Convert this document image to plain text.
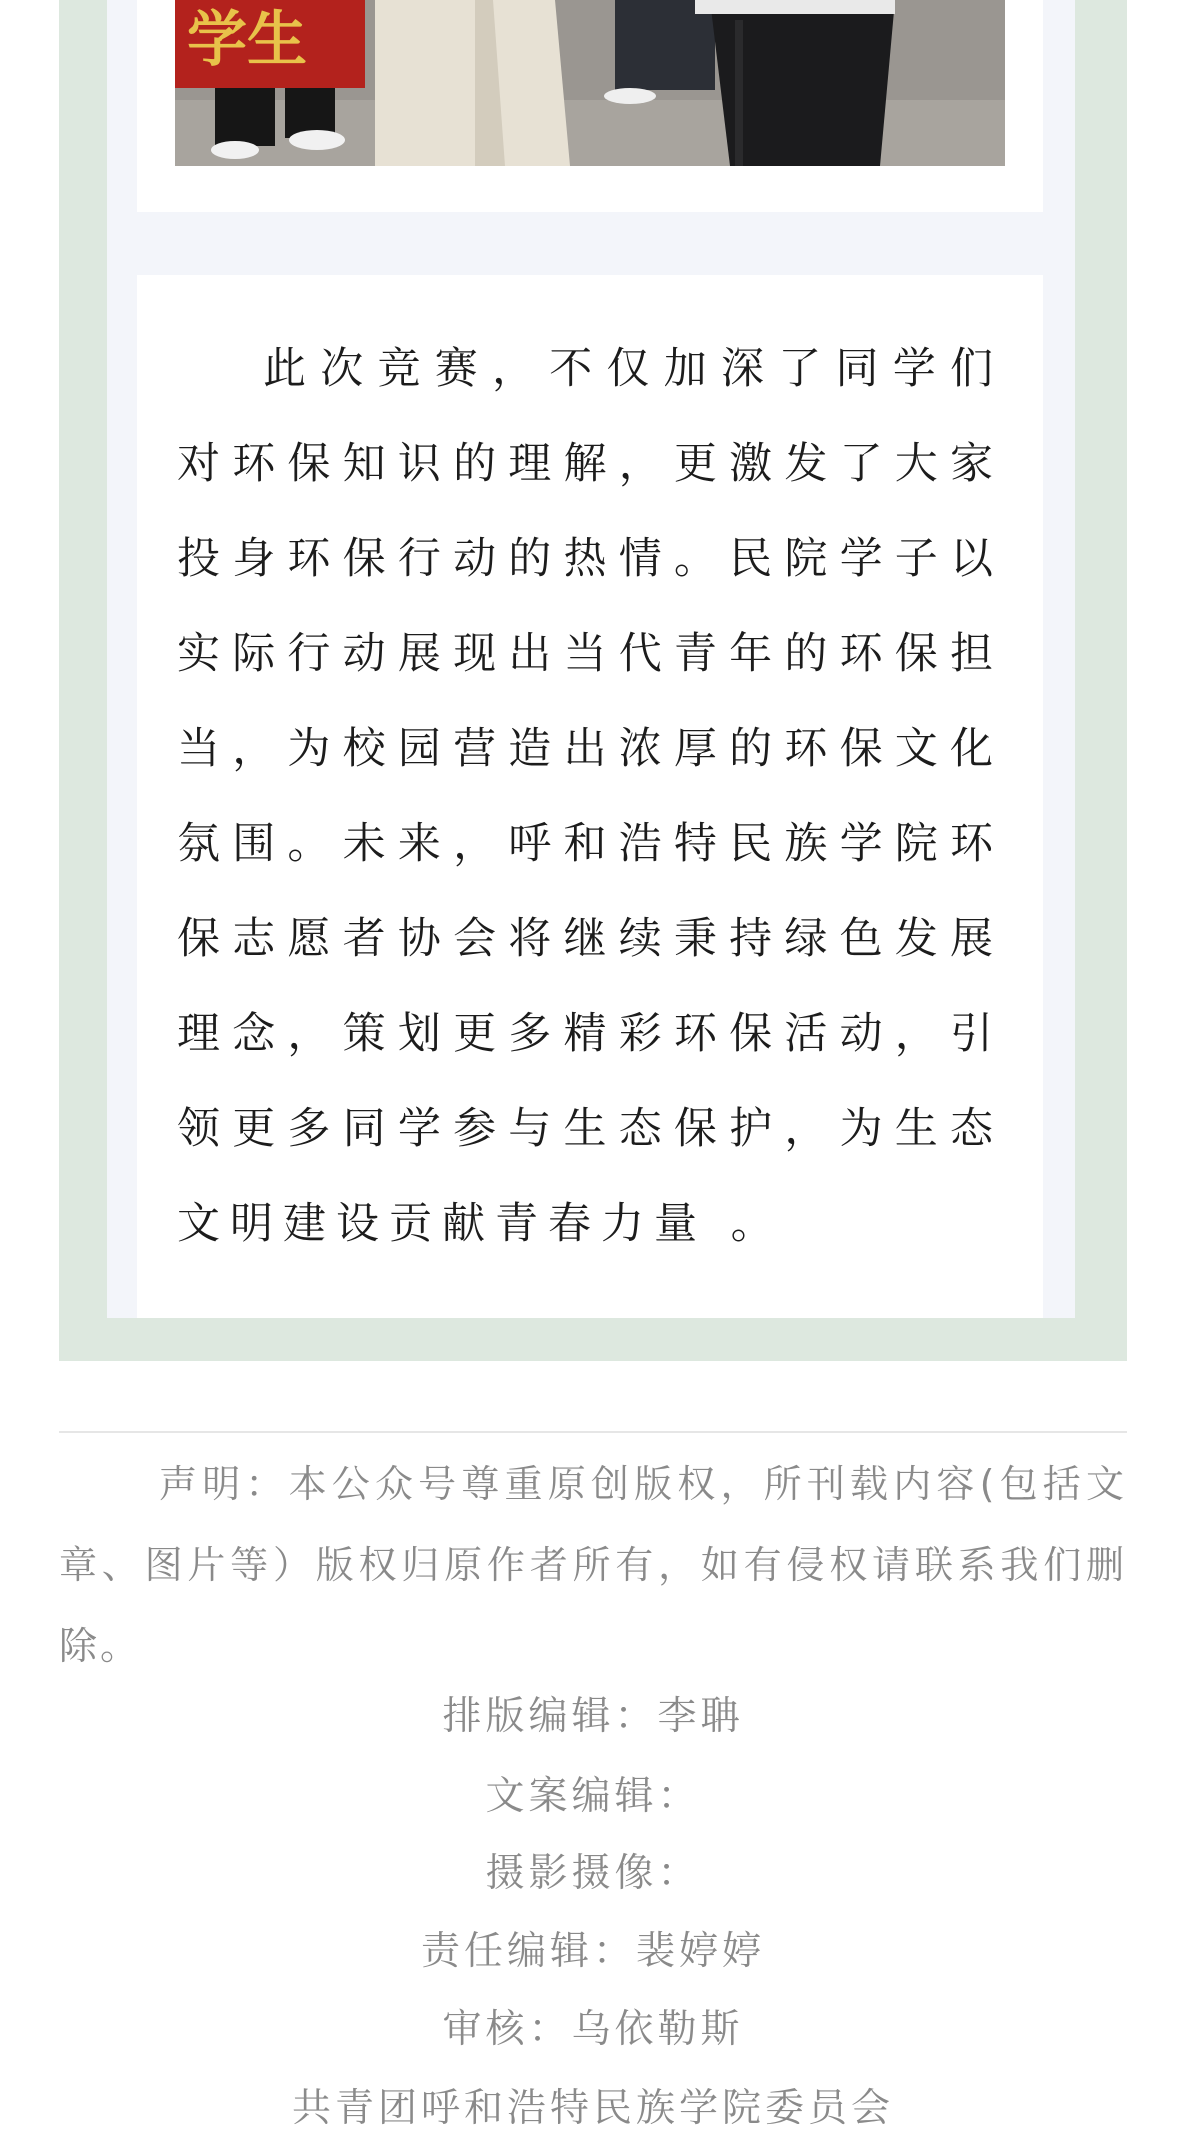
学生

此次竞赛，不仅加深了同学们对环保知识的理解，更激发了大家投身环保行动的热情。民院学子以实际行动展现出当代青年的环保担当，为校园营造出浓厚的环保文化氛围。未来，呼和浩特民族学院环保志愿者协会将继续秉持绿色发展理念，策划更多精彩环保活动，引领更多同学参与生态保护，为生态文明建设贡献青春力量 。

声明：本公众号尊重原创版权，所刊载内容(包括文章、图片等）版权归原作者所有，如有侵权请联系我们删除。

排版编辑：李聃
文案编辑：
摄影摄像：
责任编辑：裴婷婷
审核：乌依勒斯
共青团呼和浩特民族学院委员会
